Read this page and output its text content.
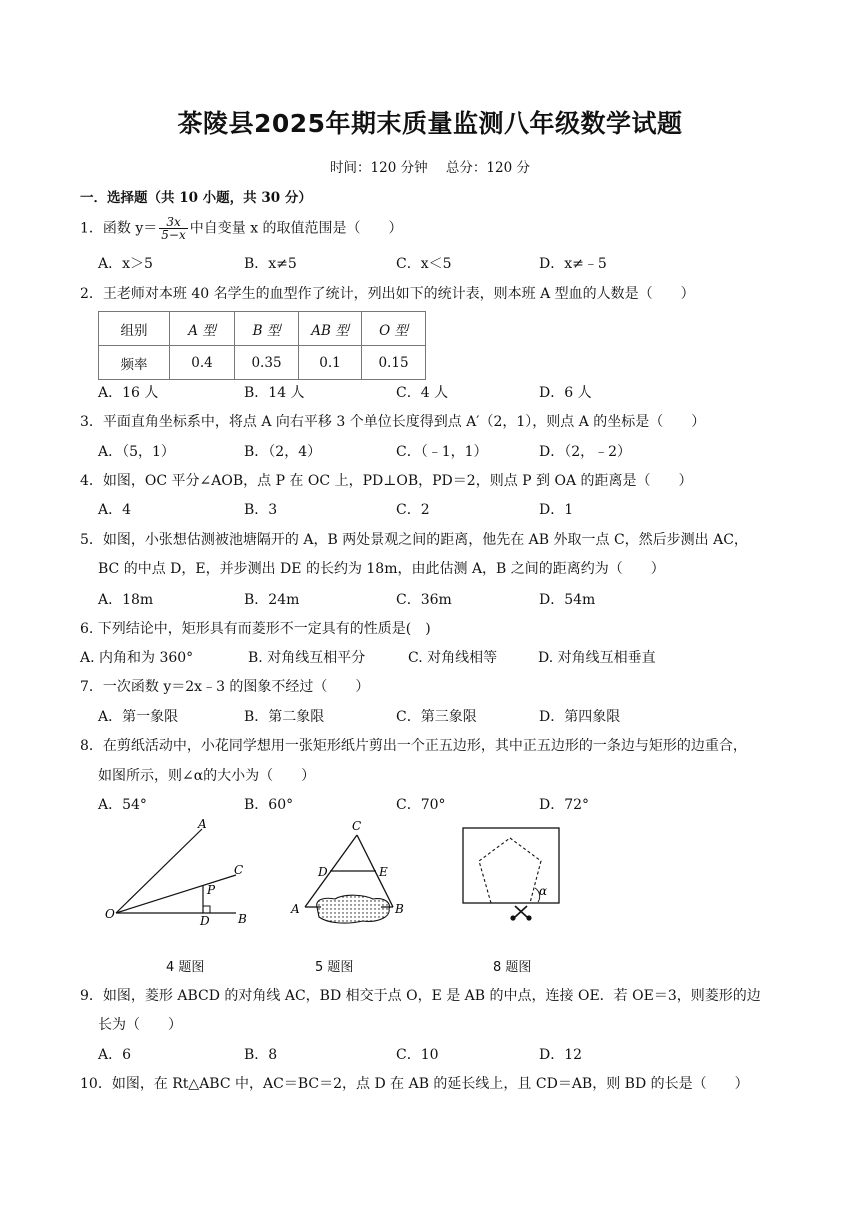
茶陵县2025年期末质量监测八年级数学试题
时间：120 分钟 总分：120 分
一．选择题（共 10 小题，共 30 分）
1．函数 $y= \frac{3x}{5-x}$ 中自变量 x 的取值范围是（　　）
A．x＞5	B．x≠5	C．x＜5	D．x≠﹣5
2．王老师对本班 40 名学生的血型作了统计，列出如下的统计表，则本班 A 型血的人数是（　　）
组别	A 型	B 型	AB 型	O 型
频率	0.4	0.35	0.1	0.15
A．16 人	B．14 人	C．4 人	D．6 人
3．平面直角坐标系中，将点 A 向右平移 3 个单位长度得到点 A′（2，1），则点 A 的坐标是（　　）
A．（5，1）	B．（2，4）	C．（﹣1，1）	D．（2，﹣2）
4．如图，OC 平分∠AOB，点 P 在 OC 上，PD⊥OB，PD＝2，则点 P 到 OA 的距离是（　　）
A．4	B．3	C．2	D．1
5．如图，小张想估测被池塘隔开的 A，B 两处景观之间的距离，他先在 AB 外取一点 C，然后步测出 AC，
BC 的中点 D，E，并步测出 DE 的长约为 18m，由此估测 A，B 之间的距离约为（　　）
A．18m	B．24m	C．36m	D．54m
6. 下列结论中，矩形具有而菱形不一定具有的性质是(　)
A. 内角和为 360°	B. 对角线互相平分	C. 对角线相等	D. 对角线互相垂直
7．一次函数 y＝2x﹣3 的图象不经过（　　）
A．第一象限	B．第二象限	C．第三象限	D．第四象限
8．在剪纸活动中，小花同学想用一张矩形纸片剪出一个正五边形，其中正五边形的一条边与矩形的边重合，
如图所示，则∠α的大小为（　　）
A．54°	B．60°	C．70°	D．72°
A
C
P
O	D B
C
D	E
A	B
α
4 题图	5 题图	8 题图
9．如图，菱形 ABCD 的对角线 AC，BD 相交于点 O，E 是 AB 的中点，连接 OE．若 OE＝3，则菱形的边
长为（　　）
A．6	B．8	C．10	D．12
10．如图，在 Rt△ABC 中，AC＝BC＝2，点 D 在 AB 的延长线上，且 CD＝AB，则 BD 的长是（　　）
